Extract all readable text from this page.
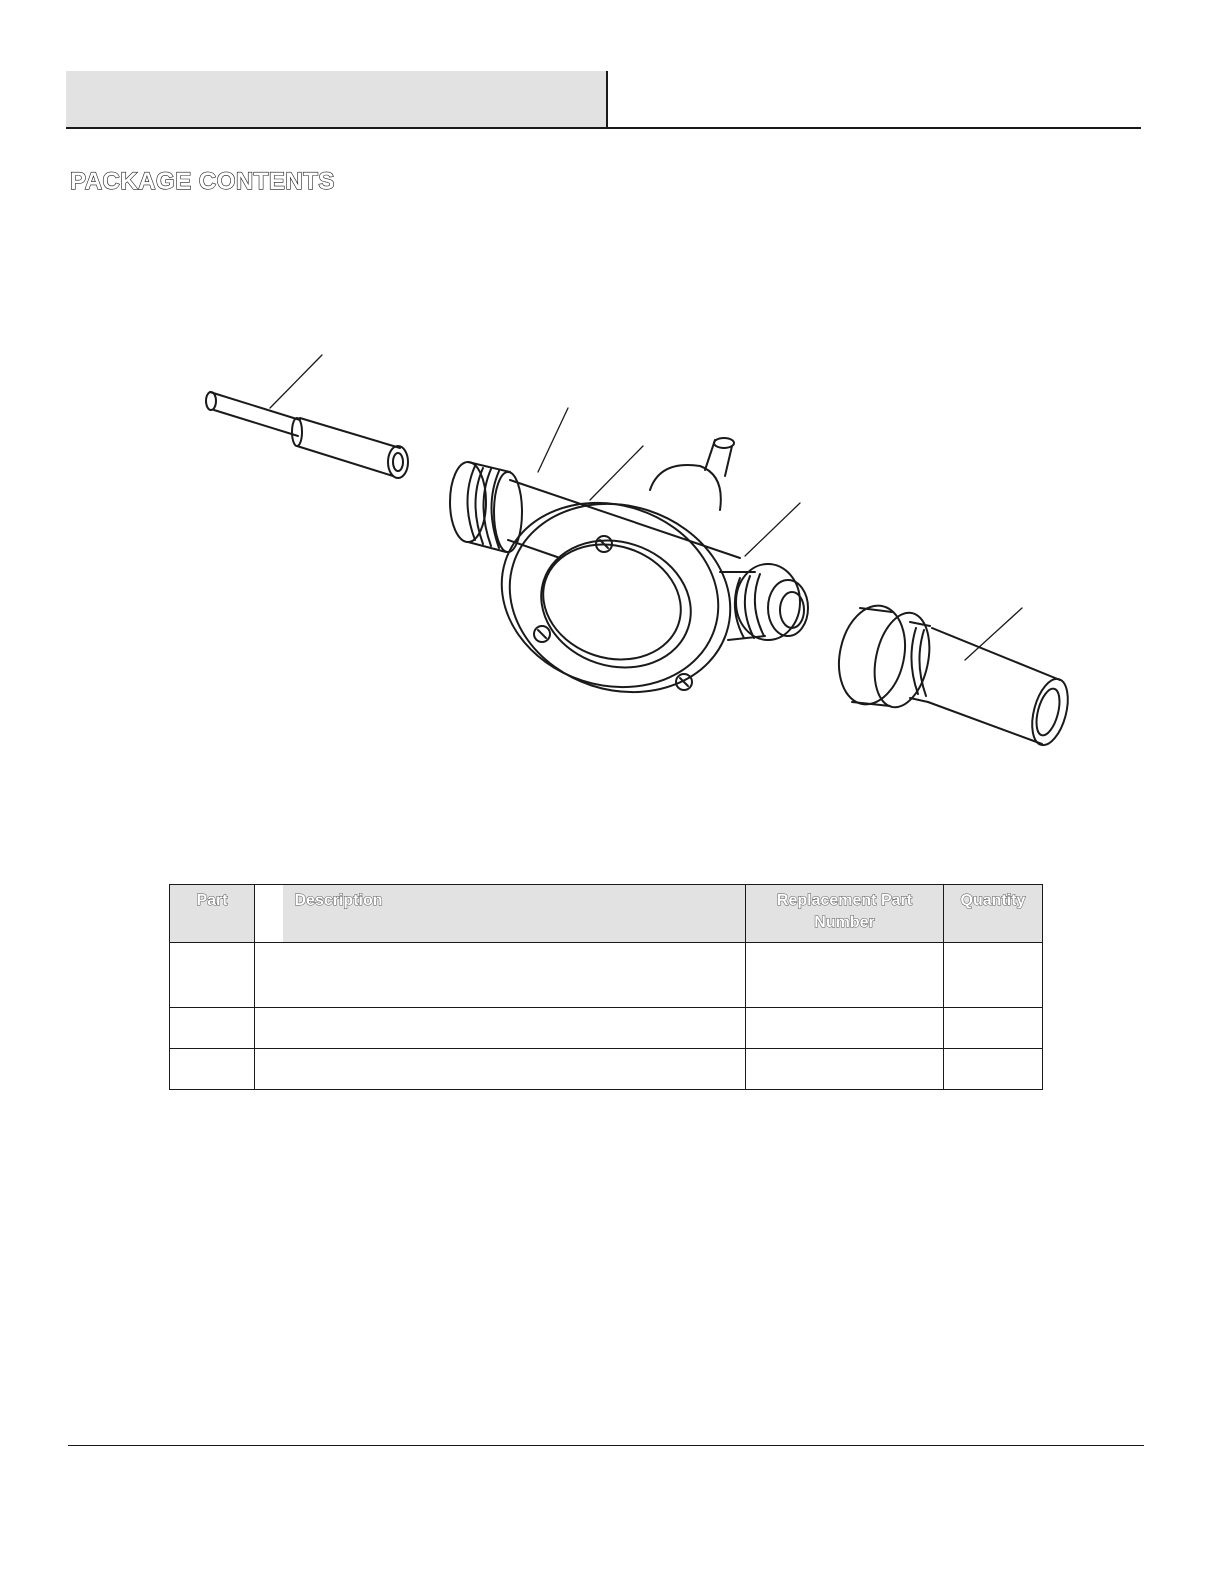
PACKAGE CONTENTS
Part		Description	Replacement Part Number	Quantity
